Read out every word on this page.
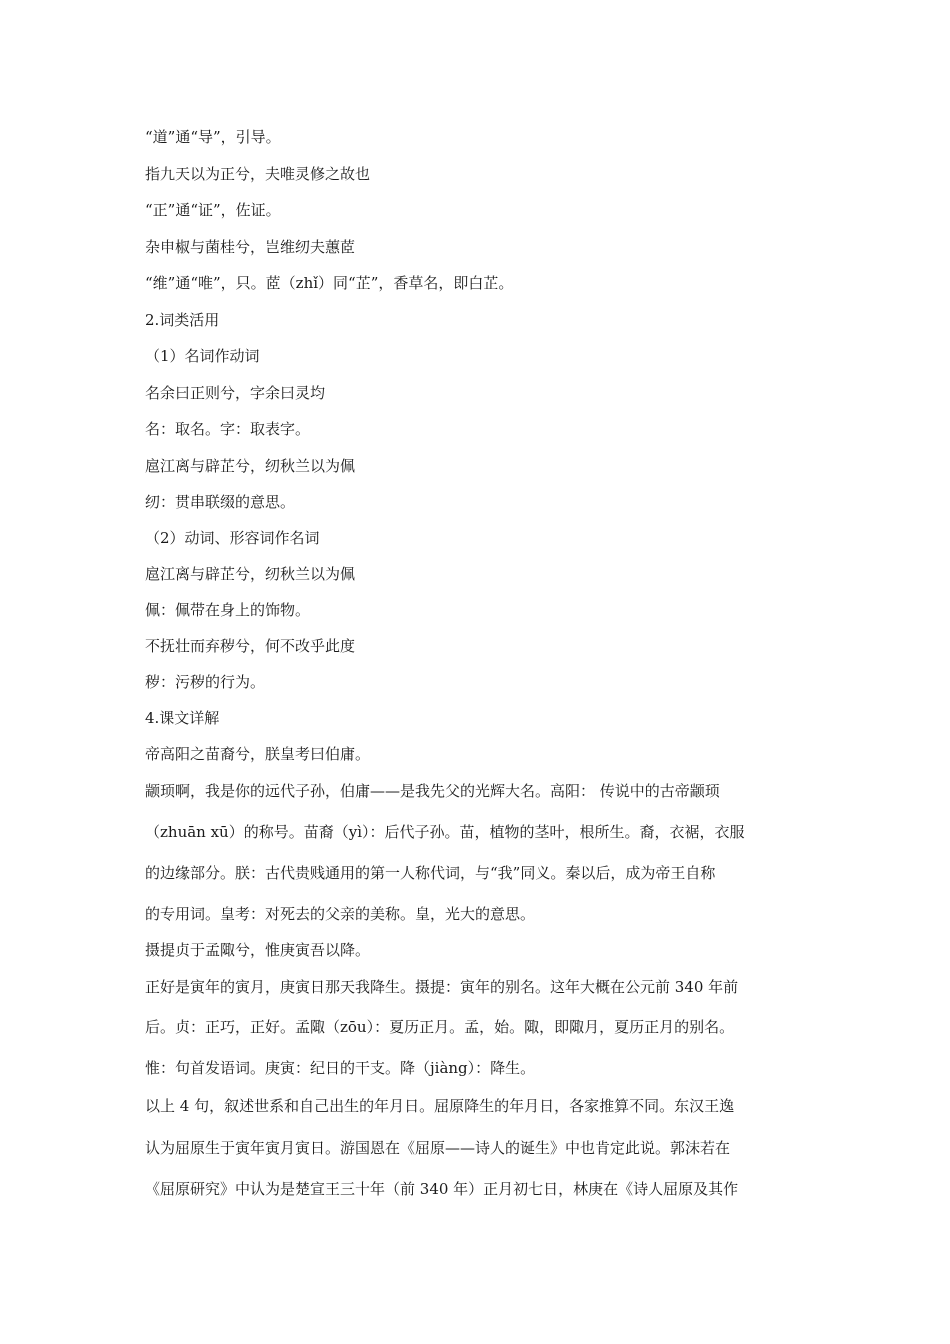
“道”通“导”，引导。
指九天以为正兮，夫唯灵修之故也
“正”通“证”，佐证。
杂申椒与菌桂兮，岂维纫夫蕙茝
“维”通“唯”，只。茝（zhǐ）同“芷”，香草名，即白芷。
2.词类活用
（1）名词作动词
名余曰正则兮，字余曰灵均
名：取名。字：取表字。
扈江离与辟芷兮，纫秋兰以为佩
纫：贯串联缀的意思。
（2）动词、形容词作名词
扈江离与辟芷兮，纫秋兰以为佩
佩：佩带在身上的饰物。
不抚壮而弃秽兮，何不改乎此度
秽：污秽的行为。
4.课文详解
帝高阳之苗裔兮，朕皇考曰伯庸。
颛顼啊，我是你的远代子孙，伯庸——是我先父的光辉大名。高阳： 传说中的古帝颛顼
（zhuān xū）的称号。苗裔（yì）：后代子孙。苗，植物的茎叶，根所生。裔，衣裾，衣服
的边缘部分。朕：古代贵贱通用的第一人称代词，与“我”同义。秦以后，成为帝王自称
的专用词。皇考：对死去的父亲的美称。皇，光大的意思。
摄提贞于孟陬兮，惟庚寅吾以降。
正好是寅年的寅月，庚寅日那天我降生。摄提：寅年的别名。这年大概在公元前 340 年前
后。贞：正巧，正好。孟陬（zōu）：夏历正月。孟，始。陬，即陬月，夏历正月的别名。
惟：句首发语词。庚寅：纪日的干支。降（jiàng）：降生。
以上 4 句，叙述世系和自己出生的年月日。屈原降生的年月日，各家推算不同。东汉王逸
认为屈原生于寅年寅月寅日。游国恩在《屈原——诗人的诞生》中也肯定此说。郭沫若在
《屈原研究》中认为是楚宣王三十年（前 340 年）正月初七日，林庚在《诗人屈原及其作
